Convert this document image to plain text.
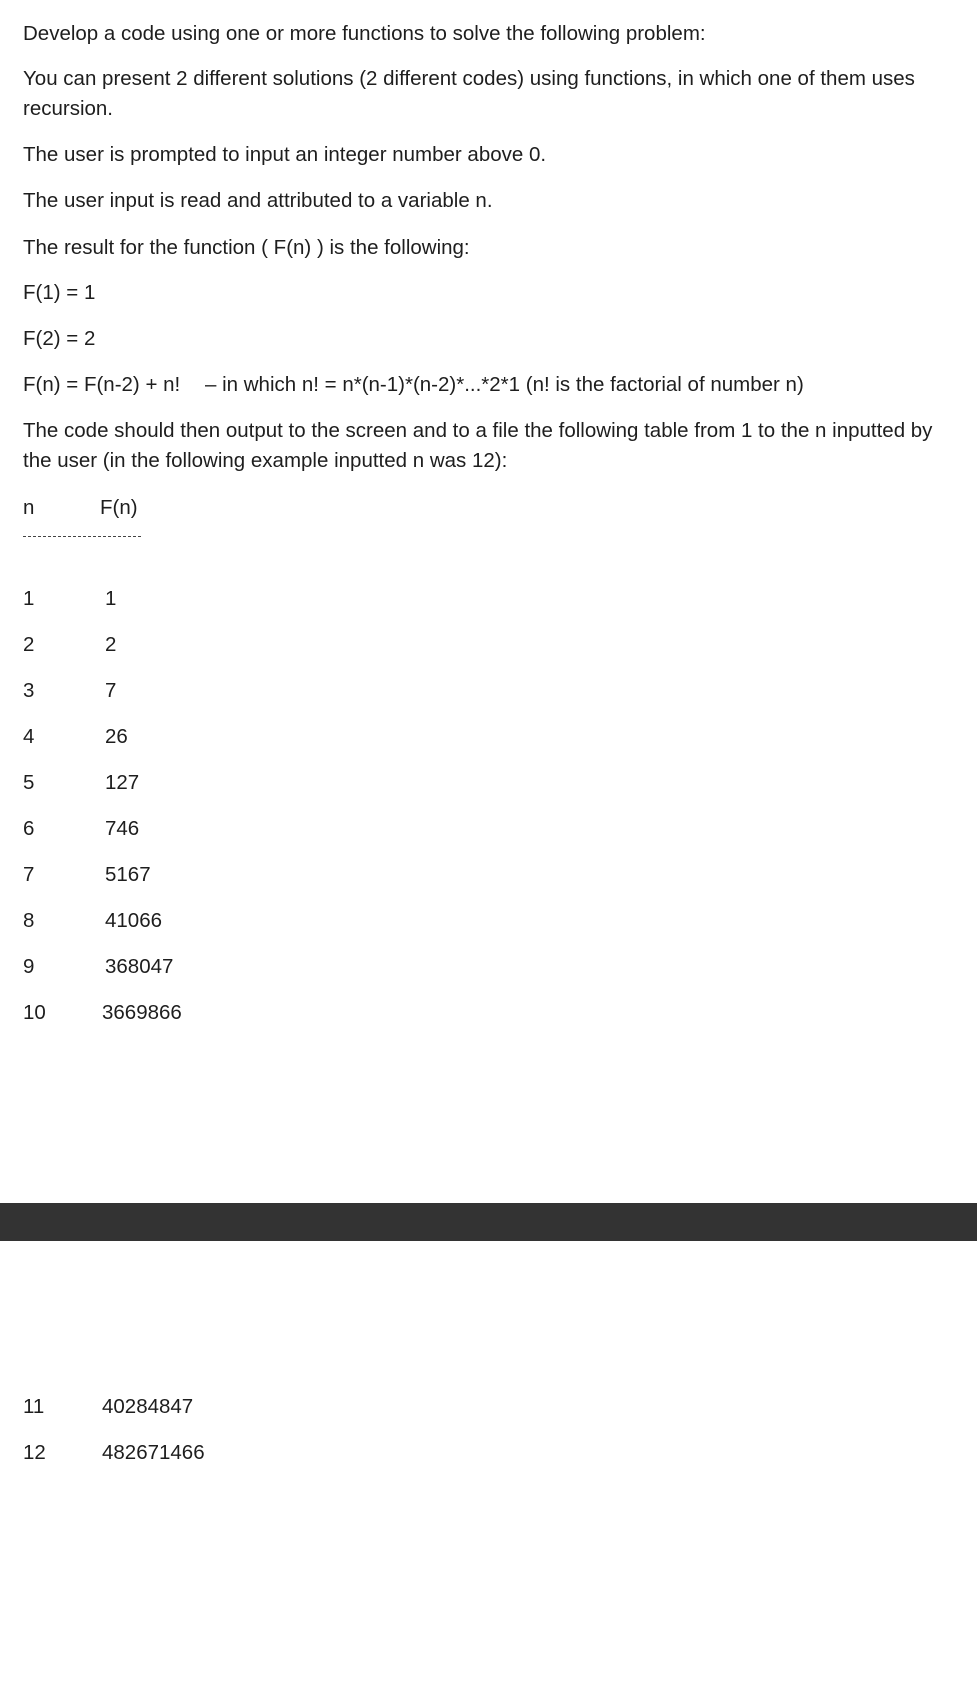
Develop a code using one or more functions to solve the following problem:
You can present 2 different solutions (2 different codes) using functions, in which one of them uses recursion.
The user is prompted to input an integer number above 0.
The user input is read and attributed to a variable n.
The result for the function ( F(n) ) is the following:
F(1) = 1
F(2) = 2
F(n) = F(n-2) + n! – in which n! = n*(n-1)*(n-2)*...*2*1 (n! is the factorial of number n)
The code should then output to the screen and to a file the following table from 1 to the n inputted by the user (in the following example inputted n was 12):
n	F(n)
1	1
2	2
3	7
4	26
5	127
6	746
7	5167
8	41066
9	368047
10	3669866
11	40284847
12	482671466
